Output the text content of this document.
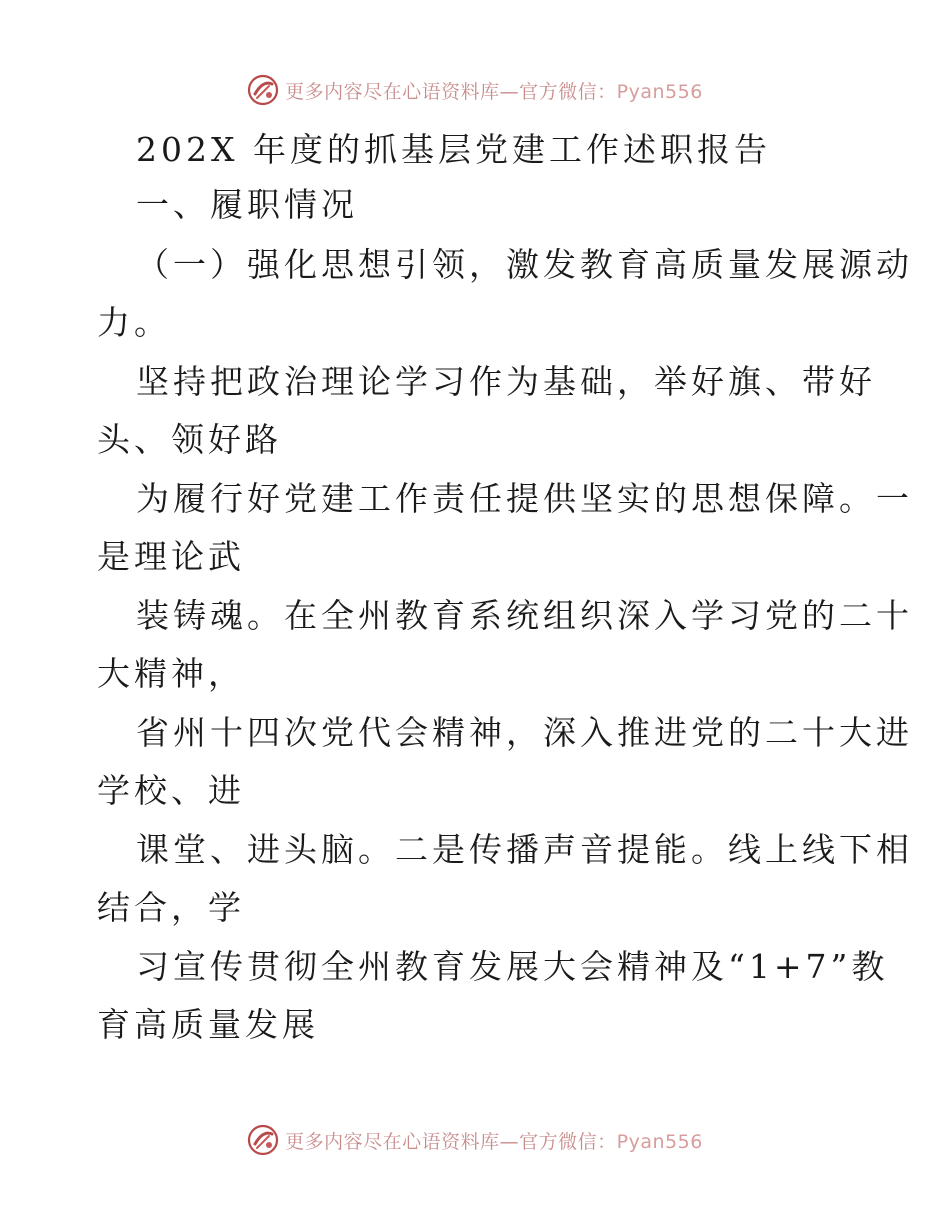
更多内容尽在心语资料库—官方微信：Pyan556
202X 年度的抓基层党建工作述职报告
一、履职情况
（一）强化思想引领，激发教育高质量发展源动
力。
坚持把政治理论学习作为基础，举好旗、带好
头、领好路
为履行好党建工作责任提供坚实的思想保障。一
是理论武
装铸魂。在全州教育系统组织深入学习党的二十
大精神，
省州十四次党代会精神，深入推进党的二十大进
学校、进
课堂、进头脑。二是传播声音提能。线上线下相
结合，学
习宣传贯彻全州教育发展大会精神及“1+7”教
育高质量发展
更多内容尽在心语资料库—官方微信：Pyan556
